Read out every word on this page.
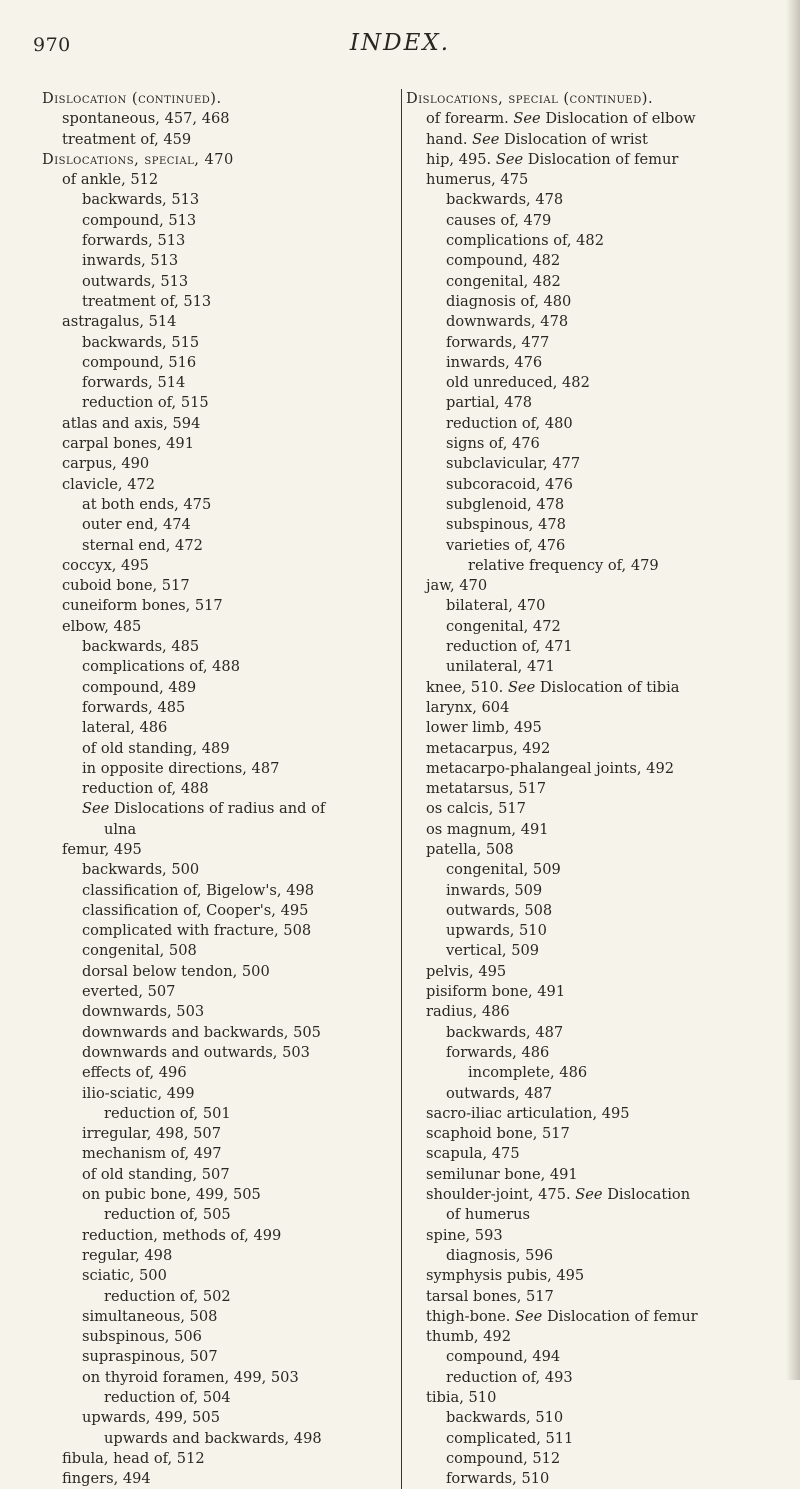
970	INDEX.
Dislocation (continued).
spontaneous, 457, 468
treatment of, 459
Dislocations, special, 470
of ankle, 512
backwards, 513
compound, 513
forwards, 513
inwards, 513
outwards, 513
treatment of, 513
astragalus, 514
backwards, 515
compound, 516
forwards, 514
reduction of, 515
atlas and axis, 594
carpal bones, 491
carpus, 490
clavicle, 472
at both ends, 475
outer end, 474
sternal end, 472
coccyx, 495
cuboid bone, 517
cuneiform bones, 517
elbow, 485
backwards, 485
complications of, 488
compound, 489
forwards, 485
lateral, 486
of old standing, 489
in opposite directions, 487
reduction of, 488
See Dislocations of radius and of
ulna
femur, 495
backwards, 500
classification of, Bigelow's, 498
classification of, Cooper's, 495
complicated with fracture, 508
congenital, 508
dorsal below tendon, 500
everted, 507
downwards, 503
downwards and backwards, 505
downwards and outwards, 503
effects of, 496
ilio-sciatic, 499
reduction of, 501
irregular, 498, 507
mechanism of, 497
of old standing, 507
on pubic bone, 499, 505
reduction of, 505
reduction, methods of, 499
regular, 498
sciatic, 500
reduction of, 502
simultaneous, 508
subspinous, 506
supraspinous, 507
on thyroid foramen, 499, 503
reduction of, 504
upwards, 499, 505
upwards and backwards, 498
fibula, head of, 512
fingers, 494
Dislocations, special (continued).
of forearm. See Dislocation of elbow
hand. See Dislocation of wrist
hip, 495. See Dislocation of femur
humerus, 475
backwards, 478
causes of, 479
complications of, 482
compound, 482
congenital, 482
diagnosis of, 480
downwards, 478
forwards, 477
inwards, 476
old unreduced, 482
partial, 478
reduction of, 480
signs of, 476
subclavicular, 477
subcoracoid, 476
subglenoid, 478
subspinous, 478
varieties of, 476
relative frequency of, 479
jaw, 470
bilateral, 470
congenital, 472
reduction of, 471
unilateral, 471
knee, 510. See Dislocation of tibia
larynx, 604
lower limb, 495
metacarpus, 492
metacarpo-phalangeal joints, 492
metatarsus, 517
os calcis, 517
os magnum, 491
patella, 508
congenital, 509
inwards, 509
outwards, 508
upwards, 510
vertical, 509
pelvis, 495
pisiform bone, 491
radius, 486
backwards, 487
forwards, 486
incomplete, 486
outwards, 487
sacro-iliac articulation, 495
scaphoid bone, 517
scapula, 475
semilunar bone, 491
shoulder-joint, 475. See Dislocation
of humerus
spine, 593
diagnosis, 596
symphysis pubis, 495
tarsal bones, 517
thigh-bone. See Dislocation of femur
thumb, 492
compound, 494
reduction of, 493
tibia, 510
backwards, 510
complicated, 511
compound, 512
forwards, 510
